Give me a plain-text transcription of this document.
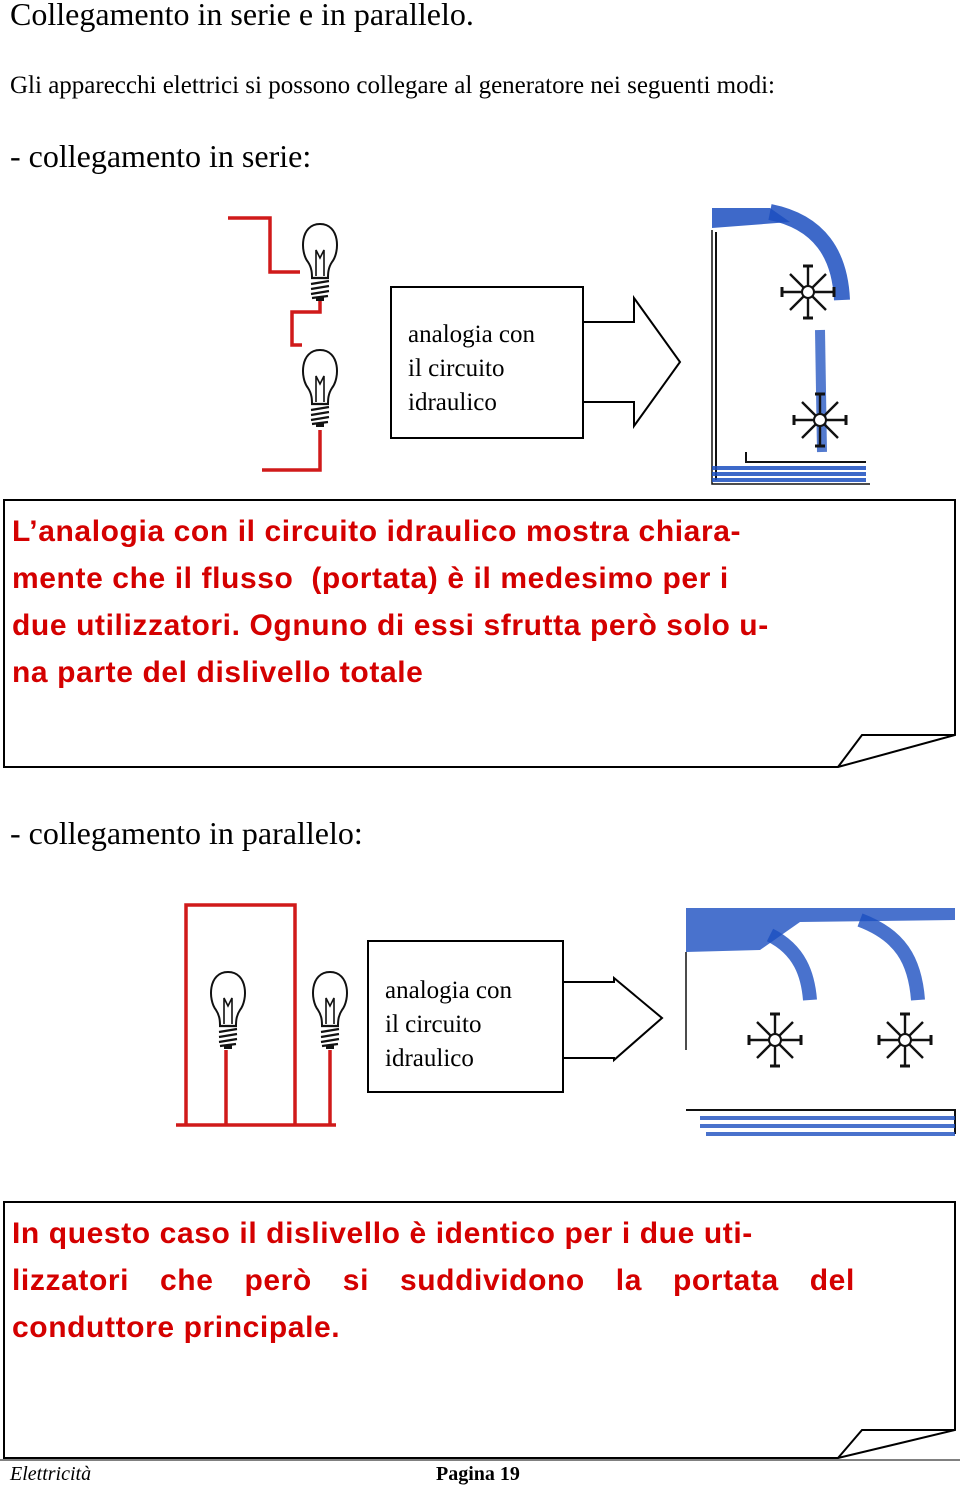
Collegamento in serie e in parallelo.
Gli apparecchi elettrici si possono collegare al generatore nei seguenti modi:
- collegamento in serie:
- collegamento in parallelo:
analogia con
il circuito
idraulico
analogia con
il circuito
idraulico
L’analogia con il circuito idraulico mostra chiara-
mente che il flusso  (portata) è il medesimo per i
due utilizzatori. Ognuno di essi sfrutta però solo u-
na parte del dislivello totale
In questo caso il dislivello è identico per i due uti-
lizzatori che però si suddividono la portata del
conduttore principale.
Elettricità	Pagina 19
